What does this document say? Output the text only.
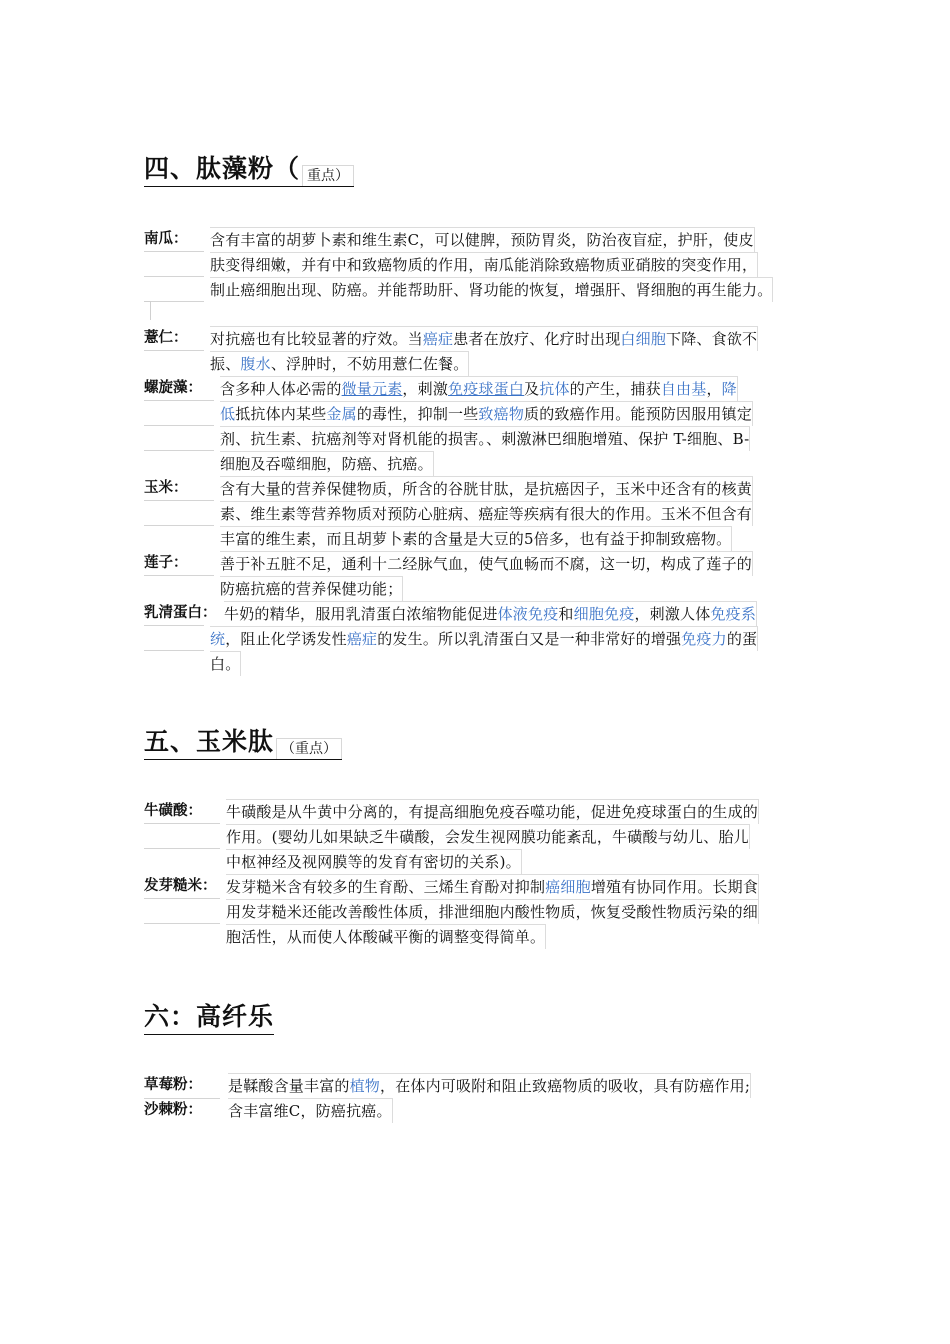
四、肽藻粉（ 重点）
南瓜： 含有丰富的胡萝卜素和维生素C，可以健脾，预防胃炎，防治夜盲症，护肝，使皮
肤变得细嫩，并有中和致癌物质的作用，南瓜能消除致癌物质亚硝胺的突变作用，
制止癌细胞出现、防癌。并能帮助肝、肾功能的恢复，增强肝、肾细胞的再生能力。
薏仁： 对抗癌也有比较显著的疗效。当癌症患者在放疗、化疗时出现白细胞下降、食欲不
振、腹水、浮肿时，不妨用薏仁佐餐。
螺旋藻： 含多种人体必需的微量元素，刺激免疫球蛋白及抗体的产生，捕获自由基，降
低抵抗体内某些金属的毒性，抑制一些致癌物质的致癌作用。能预防因服用镇定
剂、抗生素、抗癌剂等对肾机能的损害。、刺激淋巴细胞增殖、保护 T-细胞、B-
细胞及吞噬细胞，防癌、抗癌。
玉米： 含有大量的营养保健物质，所含的谷胱甘肽，是抗癌因子，玉米中还含有的核黄
素、维生素等营养物质对预防心脏病、癌症等疾病有很大的作用。玉米不但含有
丰富的维生素，而且胡萝卜素的含量是大豆的5倍多，也有益于抑制致癌物。
莲子： 善于补五脏不足，通利十二经脉气血，使气血畅而不腐，这一切，构成了莲子的
防癌抗癌的营养保健功能；
乳清蛋白： 牛奶的精华，服用乳清蛋白浓缩物能促进体液免疫和细胞免疫，刺激人体免疫系
统，阻止化学诱发性癌症的发生。所以乳清蛋白又是一种非常好的增强免疫力的蛋
白。
五、玉米肽 （重点）
牛磺酸： 牛磺酸是从牛黄中分离的，有提高细胞免疫吞噬功能，促进免疫球蛋白的生成的
作用。(婴幼儿如果缺乏牛磺酸，会发生视网膜功能紊乱，牛磺酸与幼儿、胎儿
中枢神经及视网膜等的发育有密切的关系)。
发芽糙米： 发芽糙米含有较多的生育酚、三烯生育酚对抑制癌细胞增殖有协同作用。长期食
用发芽糙米还能改善酸性体质，排泄细胞内酸性物质，恢复受酸性物质污染的细
胞活性，从而使人体酸碱平衡的调整变得简单。
六：高纤乐
草莓粉： 是鞣酸含量丰富的植物，在体内可吸附和阻止致癌物质的吸收，具有防癌作用;
沙棘粉： 含丰富维C，防癌抗癌。
